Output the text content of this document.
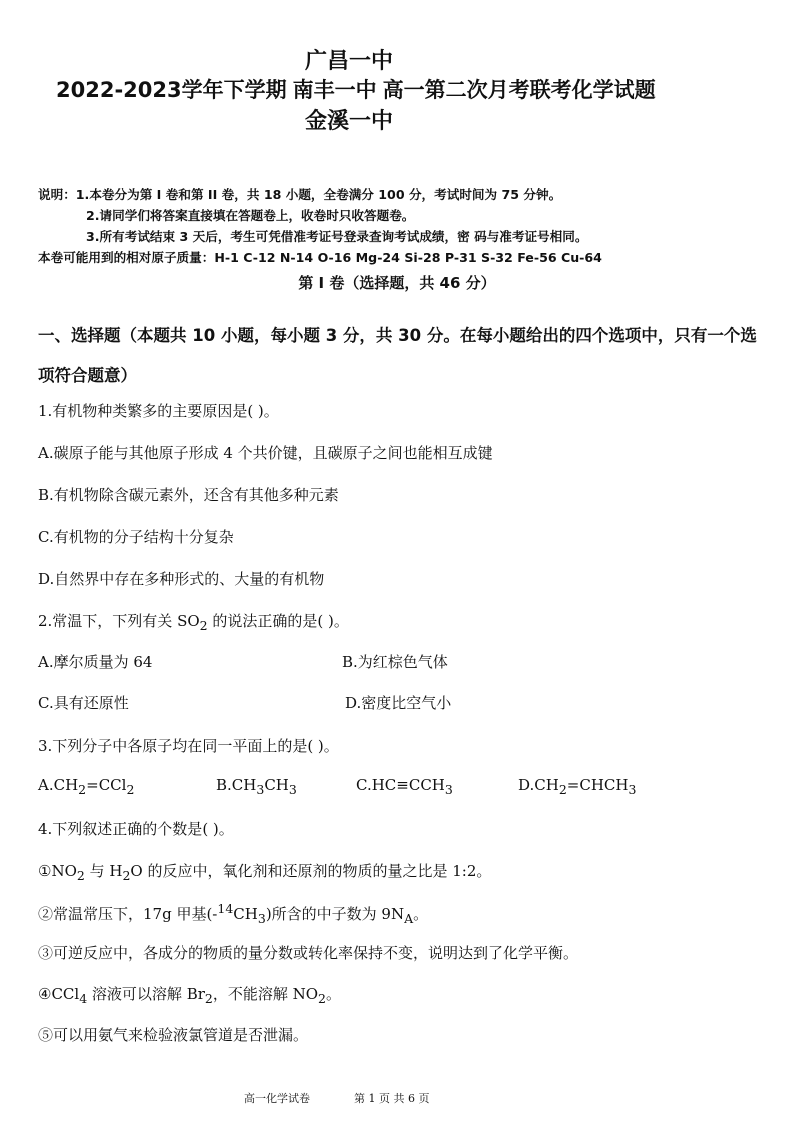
广昌一中
2022-2023学年下学期 南丰一中 高一第二次月考联考化学试题
金溪一中
说明：1.本卷分为第 I 卷和第 II 卷，共 18 小题，全卷满分 100 分，考试时间为 75 分钟。
2.请同学们将答案直接填在答题卷上，收卷时只收答题卷。
3.所有考试结束 3 天后，考生可凭借准考证号登录查询考试成绩，密 码与准考证号相同。
本卷可能用到的相对原子质量：H-1 C-12 N-14 O-16 Mg-24 Si-28 P-31 S-32 Fe-56 Cu-64
第 I 卷（选择题，共 46 分）
一、选择题（本题共 10 小题，每小题 3 分，共 30 分。在每小题给出的四个选项中，只有一个选项符合题意）
1.有机物种类繁多的主要原因是( )。
A.碳原子能与其他原子形成 4 个共价键，且碳原子之间也能相互成键
B.有机物除含碳元素外，还含有其他多种元素
C.有机物的分子结构十分复杂
D.自然界中存在多种形式的、大量的有机物
2.常温下，下列有关 $SO_2$ 的说法正确的是( )。
A.摩尔质量为 64	B.为红棕色气体
C.具有还原性	D.密度比空气小
3.下列分子中各原子均在同一平面上的是( )。
$A.CH_2=CCl_2$	$B.CH_3CH_3$	$C.HC\equiv CCH_3$	$D.CH_2=CHCH_3$
4.下列叙述正确的个数是( )。
$①NO_2$ 与 $H_2O$ 的反应中，氧化剂和还原剂的物质的量之比是 1:2。
②常温常压下，17g 甲基$(-^{14}CH_3)$所含的中子数为 $9N_A$。
③可逆反应中，各成分的物质的量分数或转化率保持不变，说明达到了化学平衡。
④CCl$_4$ 溶液可以溶解 $Br_2$，不能溶解 $NO_2$。
⑤可以用氨气来检验液氯管道是否泄漏。
高一化学试卷	第 1 页 共 6 页
